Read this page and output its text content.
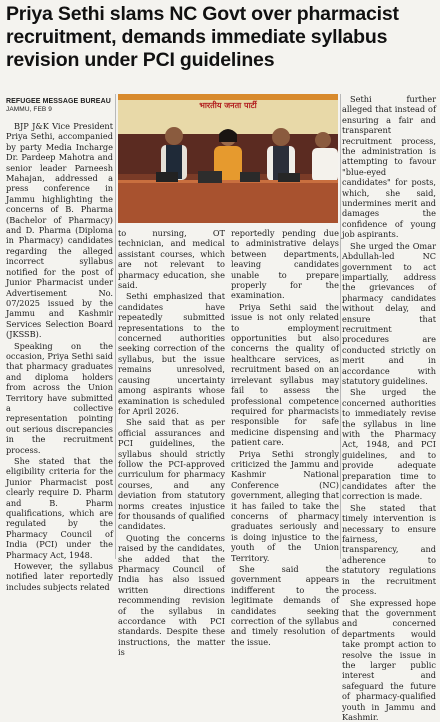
Priya Sethi slams NC Govt over pharmacist recruitment, demands immediate syllabus revision under PCI guidelines
REFUGEE MESSAGE BUREAU
JAMMU, FEB 9	भारतीय जनता पार्टी

BJP J&K Vice President Priya Sethi, accompanied by party Media Incharge Dr. Pardeep Mahotra and senior leader Parneesh Mahajan, addressed a press conference in Jammu highlighting the concerns of B. Pharma (Bachelor of Pharmacy) and D. Pharma (Diploma in Pharmacy) candidates regarding the alleged incorrect syllabus notified for the post of Junior Pharmacist under Advertisement No. 07/2025 issued by the Jammu and Kashmir Services Selection Board (JKSSB).

Speaking on the occasion, Priya Sethi said that pharmacy graduates and diploma holders from across the Union Territory have submitted a collective representation pointing out serious discrepancies in the recruitment process.

She stated that the eligibility criteria for the Junior Pharmacist post clearly require D. Pharm and B. Pharm qualifications, which are regulated by the Pharmacy Council of India (PCI) under the Pharmacy Act, 1948.

However, the syllabus notified later reportedly includes subjects related

to nursing, OT technician, and medical assistant courses, which are not relevant to pharmacy education, she said.

Sethi emphasized that candidates have repeatedly submitted representations to the concerned authorities seeking correction of the syllabus, but the issue remains unresolved, causing uncertainty among aspirants whose examination is scheduled for April 2026.

She said that as per official assurances and PCI guidelines, the syllabus should strictly follow the PCI-approved curriculum for pharmacy courses, and any deviation from statutory norms creates injustice for thousands of qualified candidates.

Quoting the concerns raised by the candidates, she added that the Pharmacy Council of India has also issued written directions recommending revision of the syllabus in accordance with PCI standards. Despite these instructions, the matter is

reportedly pending due to administrative delays between departments, leaving candidates unable to prepare properly for the examination.

Priya Sethi said the issue is not only related to employment opportunities but also concerns the quality of healthcare services, as recruitment based on an irrelevant syllabus may fail to assess the professional competence required for pharmacists responsible for safe medicine dispensing and patient care.

Priya Sethi strongly criticized the Jammu and Kashmir National Conference (NC) government, alleging that it has failed to take the concerns of pharmacy graduates seriously and is doing injustice to the youth of the Union Territory.

She said the government appears indifferent to the legitimate demands of candidates seeking correction of the syllabus and timely resolution of the issue.

Sethi further alleged that instead of ensuring a fair and transparent recruitment process, the administration is attempting to favour "blue-eyed candidates" for posts, which, she said, undermines merit and damages the confidence of young job aspirants.

She urged the Omar Abdullah-led NC government to act impartially, address the grievances of pharmacy candidates without delay, and ensure that recruitment procedures are conducted strictly on merit and in accordance with statutory guidelines.

She urged the concerned authorities to immediately revise the syllabus in line with the Pharmacy Act, 1948, and PCI guidelines, and to provide adequate preparation time to candidates after the correction is made.

She stated that timely intervention is necessary to ensure fairness, transparency, and adherence to statutory regulations in the recruitment process.

She expressed hope that the government and concerned departments would take prompt action to resolve the issue in the larger public interest and safeguard the future of pharmacy-qualified youth in Jammu and Kashmir.
